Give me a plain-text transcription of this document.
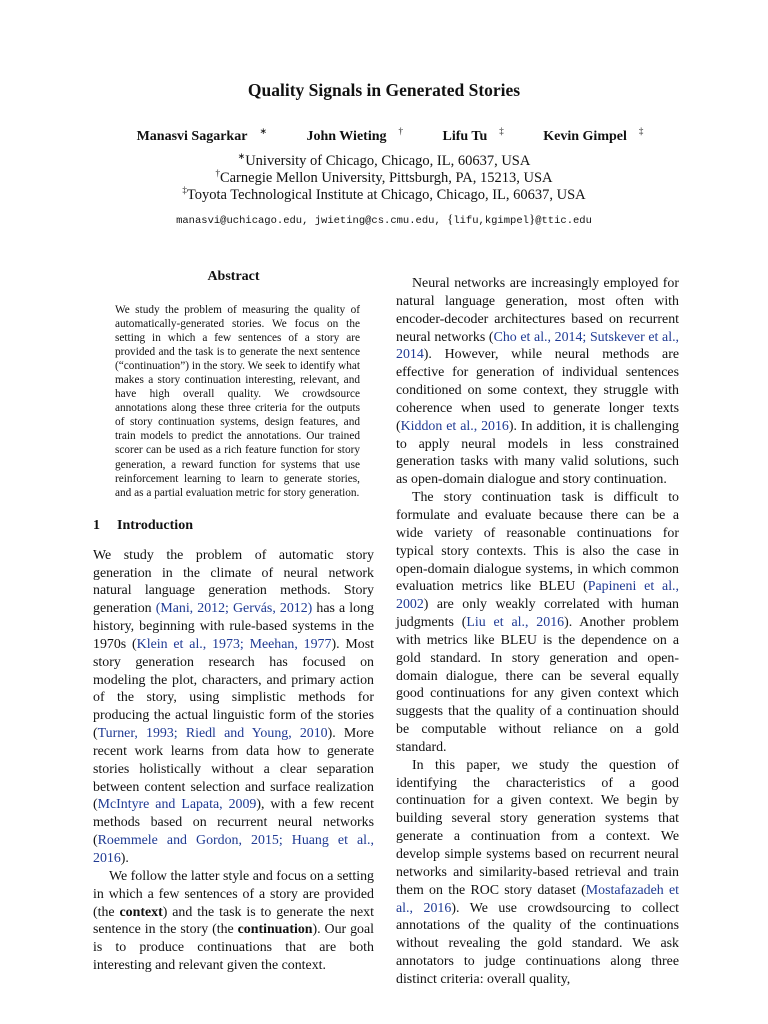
Quality Signals in Generated Stories
Manasvi Sagarkar ∗	John Wieting †	Lifu Tu ‡	Kevin Gimpel ‡
∗University of Chicago, Chicago, IL, 60637, USA
†Carnegie Mellon University, Pittsburgh, PA, 15213, USA
‡Toyota Technological Institute at Chicago, Chicago, IL, 60637, USA
manasvi@uchicago.edu, jwieting@cs.cmu.edu, {lifu,kgimpel}@ttic.edu
Abstract
We study the problem of measuring the quality of automatically-generated stories. We focus on the setting in which a few sentences of a story are provided and the task is to generate the next sentence (“continuation”) in the story. We seek to identify what makes a story continuation interesting, relevant, and have high overall quality. We crowdsource annotations along these three criteria for the outputs of story continuation systems, design features, and train models to predict the annotations. Our trained scorer can be used as a rich feature function for story generation, a reward function for systems that use reinforcement learning to learn to generate stories, and as a partial evaluation metric for story generation.
1 Introduction

We study the problem of automatic story generation in the climate of neural network natural language generation methods. Story generation (Mani, 2012; Gervás, 2012) has a long history, beginning with rule-based systems in the 1970s (Klein et al., 1973; Meehan, 1977). Most story generation research has focused on modeling the plot, characters, and primary action of the story, using simplistic methods for producing the actual linguistic form of the stories (Turner, 1993; Riedl and Young, 2010). More recent work learns from data how to generate stories holistically without a clear separation between content selection and surface realization (McIntyre and Lapata, 2009), with a few recent methods based on recurrent neural networks (Roemmele and Gordon, 2015; Huang et al., 2016).

We follow the latter style and focus on a setting in which a few sentences of a story are provided (the context) and the task is to generate the next sentence in the story (the continuation). Our goal is to produce continuations that are both interesting and relevant given the context.

Neural networks are increasingly employed for natural language generation, most often with encoder-decoder architectures based on recurrent neural networks (Cho et al., 2014; Sutskever et al., 2014). However, while neural methods are effective for generation of individual sentences conditioned on some context, they struggle with coherence when used to generate longer texts (Kiddon et al., 2016). In addition, it is challenging to apply neural models in less constrained generation tasks with many valid solutions, such as open-domain dialogue and story continuation.

The story continuation task is difficult to formulate and evaluate because there can be a wide variety of reasonable continuations for typical story contexts. This is also the case in open-domain dialogue systems, in which common evaluation metrics like BLEU (Papineni et al., 2002) are only weakly correlated with human judgments (Liu et al., 2016). Another problem with metrics like BLEU is the dependence on a gold standard. In story generation and open-domain dialogue, there can be several equally good continuations for any given context which suggests that the quality of a continuation should be computable without reliance on a gold standard.

In this paper, we study the question of identifying the characteristics of a good continuation for a given context. We begin by building several story generation systems that generate a continuation from a context. We develop simple systems based on recurrent neural networks and similarity-based retrieval and train them on the ROC story dataset (Mostafazadeh et al., 2016). We use crowdsourcing to collect annotations of the quality of the continuations without revealing the gold standard. We ask annotators to judge continuations along three distinct criteria: overall quality,
